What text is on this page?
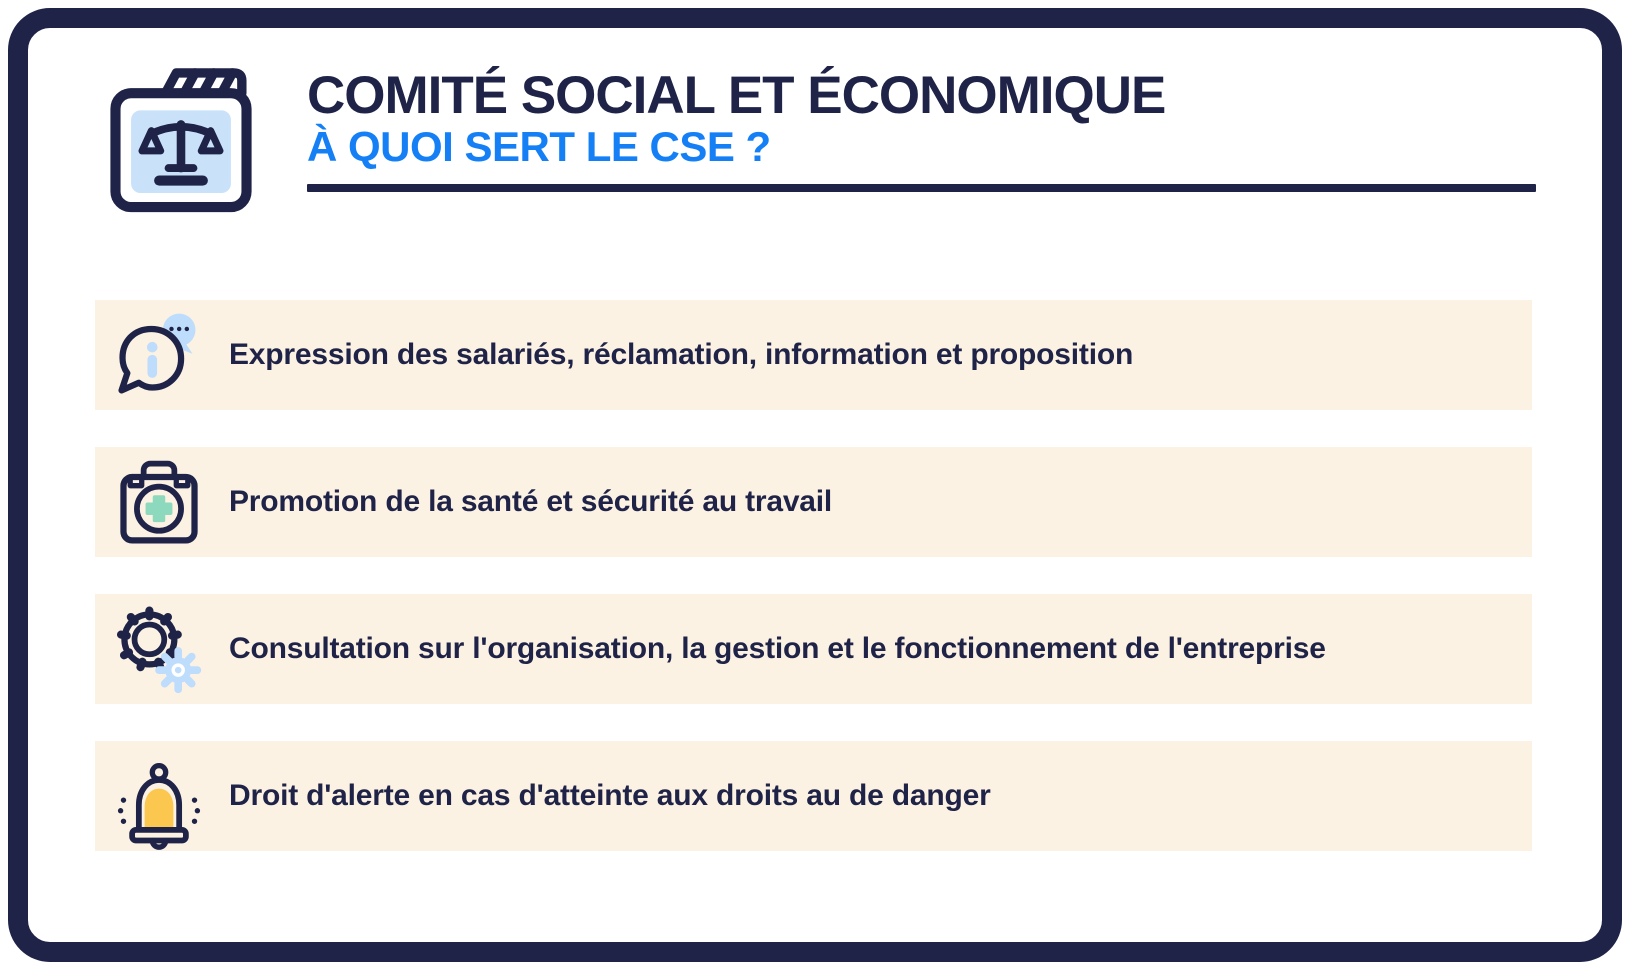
COMITÉ SOCIAL ET ÉCONOMIQUE
À QUOI SERT LE CSE ?
Expression des salariés, réclamation, information et proposition
Promotion de la santé et sécurité au travail
Consultation sur l'organisation, la gestion et le fonctionnement de l'entreprise
Droit d'alerte en cas d'atteinte aux droits au de danger
